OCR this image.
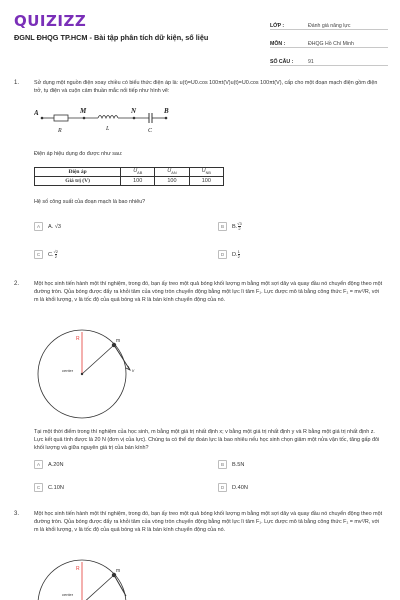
QUIZIZZ
ĐGNL ĐHQG TP.HCM - Bài tập phân tích dữ kiện, số liệu
LỚP :	Đánh giá năng lực
MÔN :	ĐHQG Hồ Chí Minh
SỐ CÂU :	91
1.	Sử dụng một nguồn điện xoay chiều có biểu thức điện áp là: u(t)=U0.cos 100πt(V)u(t)=U0.cos 100πt(V), cấp cho một đoạn mạch điện gồm điện trở, tụ điện và cuộn cảm thuần mắc nối tiếp như hình vẽ:
A	M	N	B
R	L	C
Điện áp hiệu dụng đo được như sau:
Điện áp	$U_{AB}$	$U_{AN}$	$U_{NB}$
Giá trị (V)	100	100	100
Hệ số công suất của đoạn mạch là bao nhiêu?
A	A. √3	B	B. $\frac{√3}{2}$
C	C. $\frac{√2}{2}$	D	D. $\frac{1}{2}$
2.	Một học sinh tiến hành một thí nghiệm, trong đó, bạn ấy treo một quả bóng khối lượng m bằng một sợi dây và quay đầu nó chuyển động theo một đường tròn. Qủa bóng được đẩy ra khỏi tâm của vòng tròn chuyển động bằng một lực lì tâm F₁. Lực được mô tả bằng công thức F₁ = mv²/R, với m là khối lượng, v là tốc độ của quả bóng và R là bán kính chuyển động của nó.
R	m
center	v
Tại một thời điểm trong thí nghiệm của học sinh, m bằng một giá trị nhất định x; v bằng một giá trị nhất định y và R bằng một giá trị nhất định z. Lực kết quả tính được là 20 N (đơn vị của lực). Chúng ta có thể dự đoán lực là bao nhiêu nếu học sinh chọn giảm một nửa vận tốc, tăng gấp đôi khối lượng và giữa nguyên giá trị của bán kính?
A	A.20N	B	B.5N
C	C.10N	D	D.40N
3.	Một học sinh tiến hành một thí nghiệm, trong đó, bạn ấy treo một quả bóng khối lượng m bằng một sợi dây và quay đầu nó chuyển động theo một đường tròn. Qủa bóng được đẩy ra khỏi tâm của vòng tròn chuyển động bằng một lực lì tâm F₁. Lực được mô tả bằng công thức F₁ = mv²/R, với m là khối lượng, v là tốc độ của quả bóng và R là bán kính chuyển động của nó.
R	m
center
